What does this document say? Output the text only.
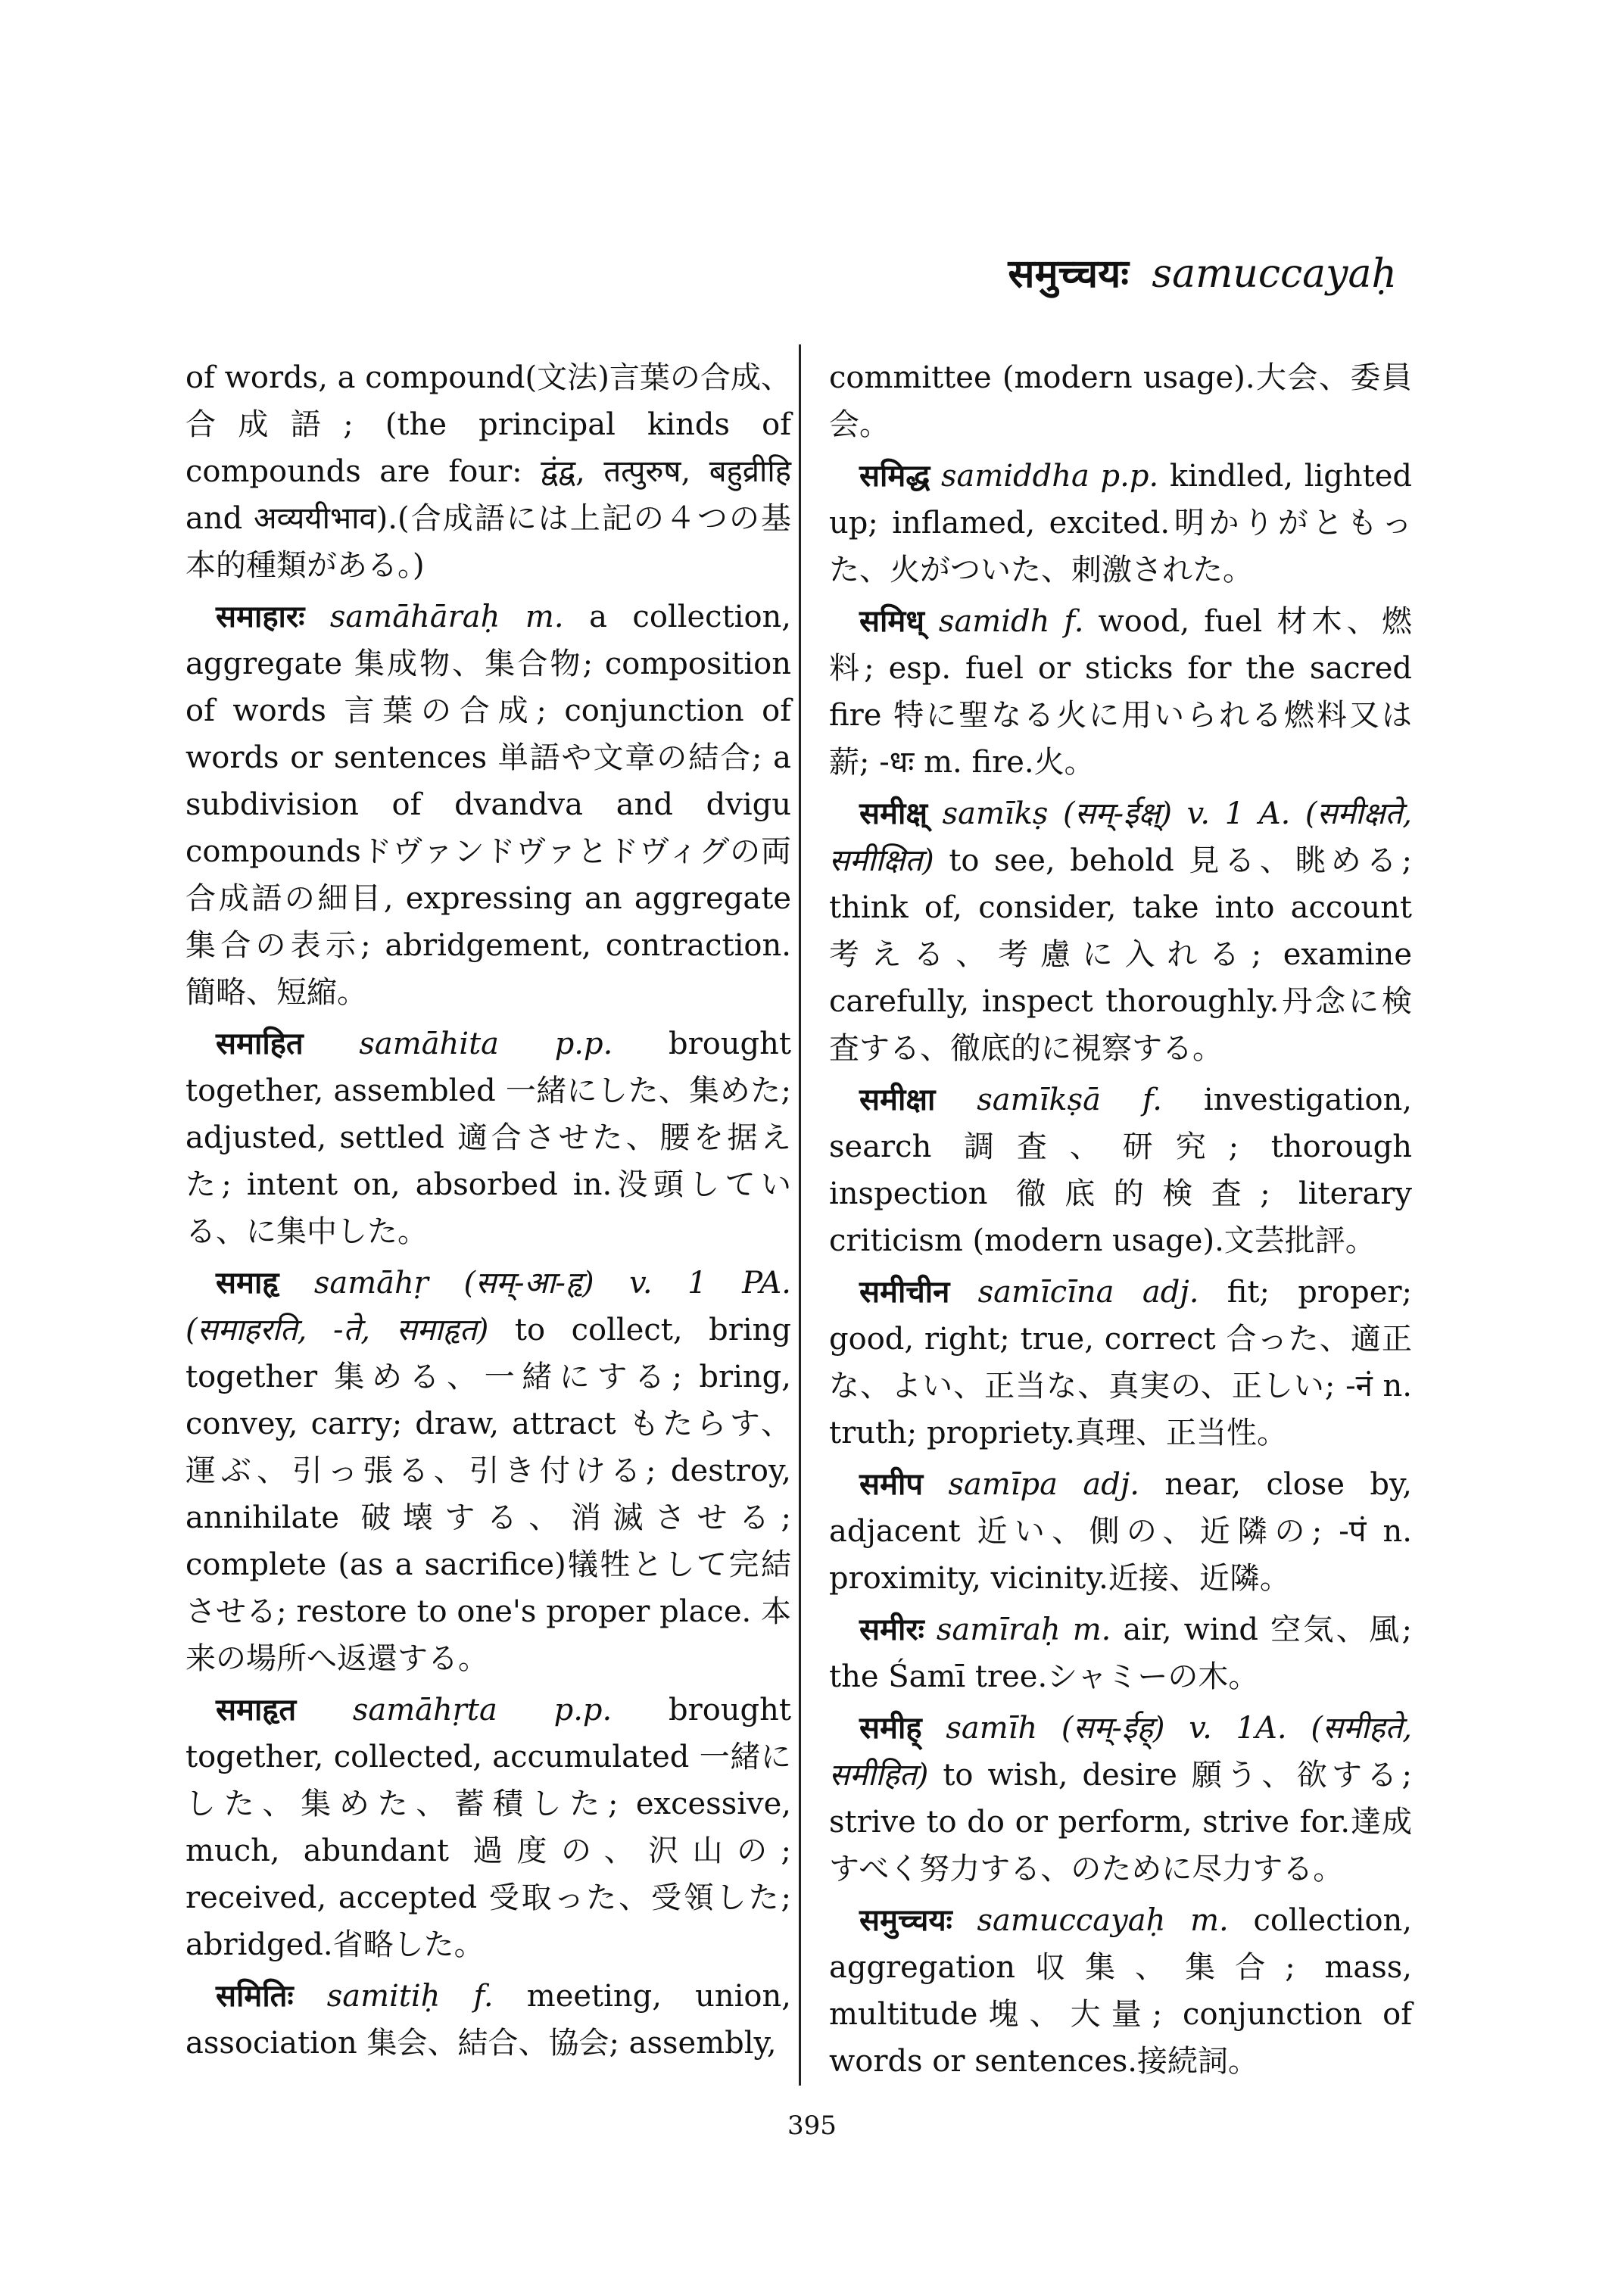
समुच्चयः samuccayaḥ

of words, a compound(文法)言葉の合成、合成語; (the principal kinds of compounds are four: द्वंद्व, तत्पुरुष, बहुव्रीहि and अव्ययीभाव).(合成語には上記の４つの基本的種類がある。)

समाहारः samāhāraḥ m. a collection, aggregate 集成物、集合物; composition of words 言葉の合成; conjunction of words or sentences 単語や文章の結合; a subdivision of dvandva and dvigu compoundsドヴァンドヴァとドヴィグの両合成語の細目, expressing an aggregate 集合の表示; abridgement, contraction. 簡略、短縮。

समाहित samāhita p.p. brought together, assembled 一緒にした、集めた; adjusted, settled 適合させた、腰を据えた; intent on, absorbed in.没頭している、に集中した。

समाहृ samāhṛ (सम्-आ-हृ) v. 1 PA. (समाहरति, -ते, समाहृत) to collect, bring together 集める、一緒にする; bring, convey, carry; draw, attract もたらす、運ぶ、引っ張る、引き付ける; destroy, annihilate 破壊する、消滅させる; complete (as a sacrifice)犠牲として完結させる; restore to one's proper place. 本来の場所へ返還する。

समाहृत samāhṛta p.p. brought together, collected, accumulated 一緒にした、集めた、蓄積した; excessive, much, abundant 過度の、沢山の; received, accepted 受取った、受領した; abridged.省略した。

समितिः samitiḥ f. meeting, union, association 集会、結合、協会; assembly,

committee (modern usage).大会、委員会。

समिद्ध samiddha p.p. kindled, lighted up; inflamed, excited.明かりがともった、火がついた、刺激された。

समिध् samidh f. wood, fuel 材木、燃料; esp. fuel or sticks for the sacred fire 特に聖なる火に用いられる燃料又は薪; -धः m. fire.火。

समीक्ष् samīkṣ (सम्-ईक्ष्) v. 1 A. (समीक्षते, समीक्षित) to see, behold 見る、眺める; think of, consider, take into account 考える、考慮に入れる; examine carefully, inspect thoroughly.丹念に検査する、徹底的に視察する。

समीक्षा samīkṣā f. investigation, search 調査、研究; thorough inspection 徹底的検査; literary criticism (modern usage).文芸批評。

समीचीन samīcīna adj. fit; proper; good, right; true, correct 合った、適正な、よい、正当な、真実の、正しい; -नं n. truth; propriety.真理、正当性。

समीप samīpa adj. near, close by, adjacent 近い、側の、近隣の; -पं n. proximity, vicinity.近接、近隣。

समीरः samīraḥ m. air, wind 空気、風; the Śamī tree.シャミーの木。

समीह् samīh (सम्-ईह्) v. 1A. (समीहते, समीहित) to wish, desire 願う、欲する; strive to do or perform, strive for.達成すべく努力する、のために尽力する。

समुच्चयः samuccayaḥ m. collection, aggregation収集、集合; mass, multitude塊、大量; conjunction of words or sentences.接続詞。

395
